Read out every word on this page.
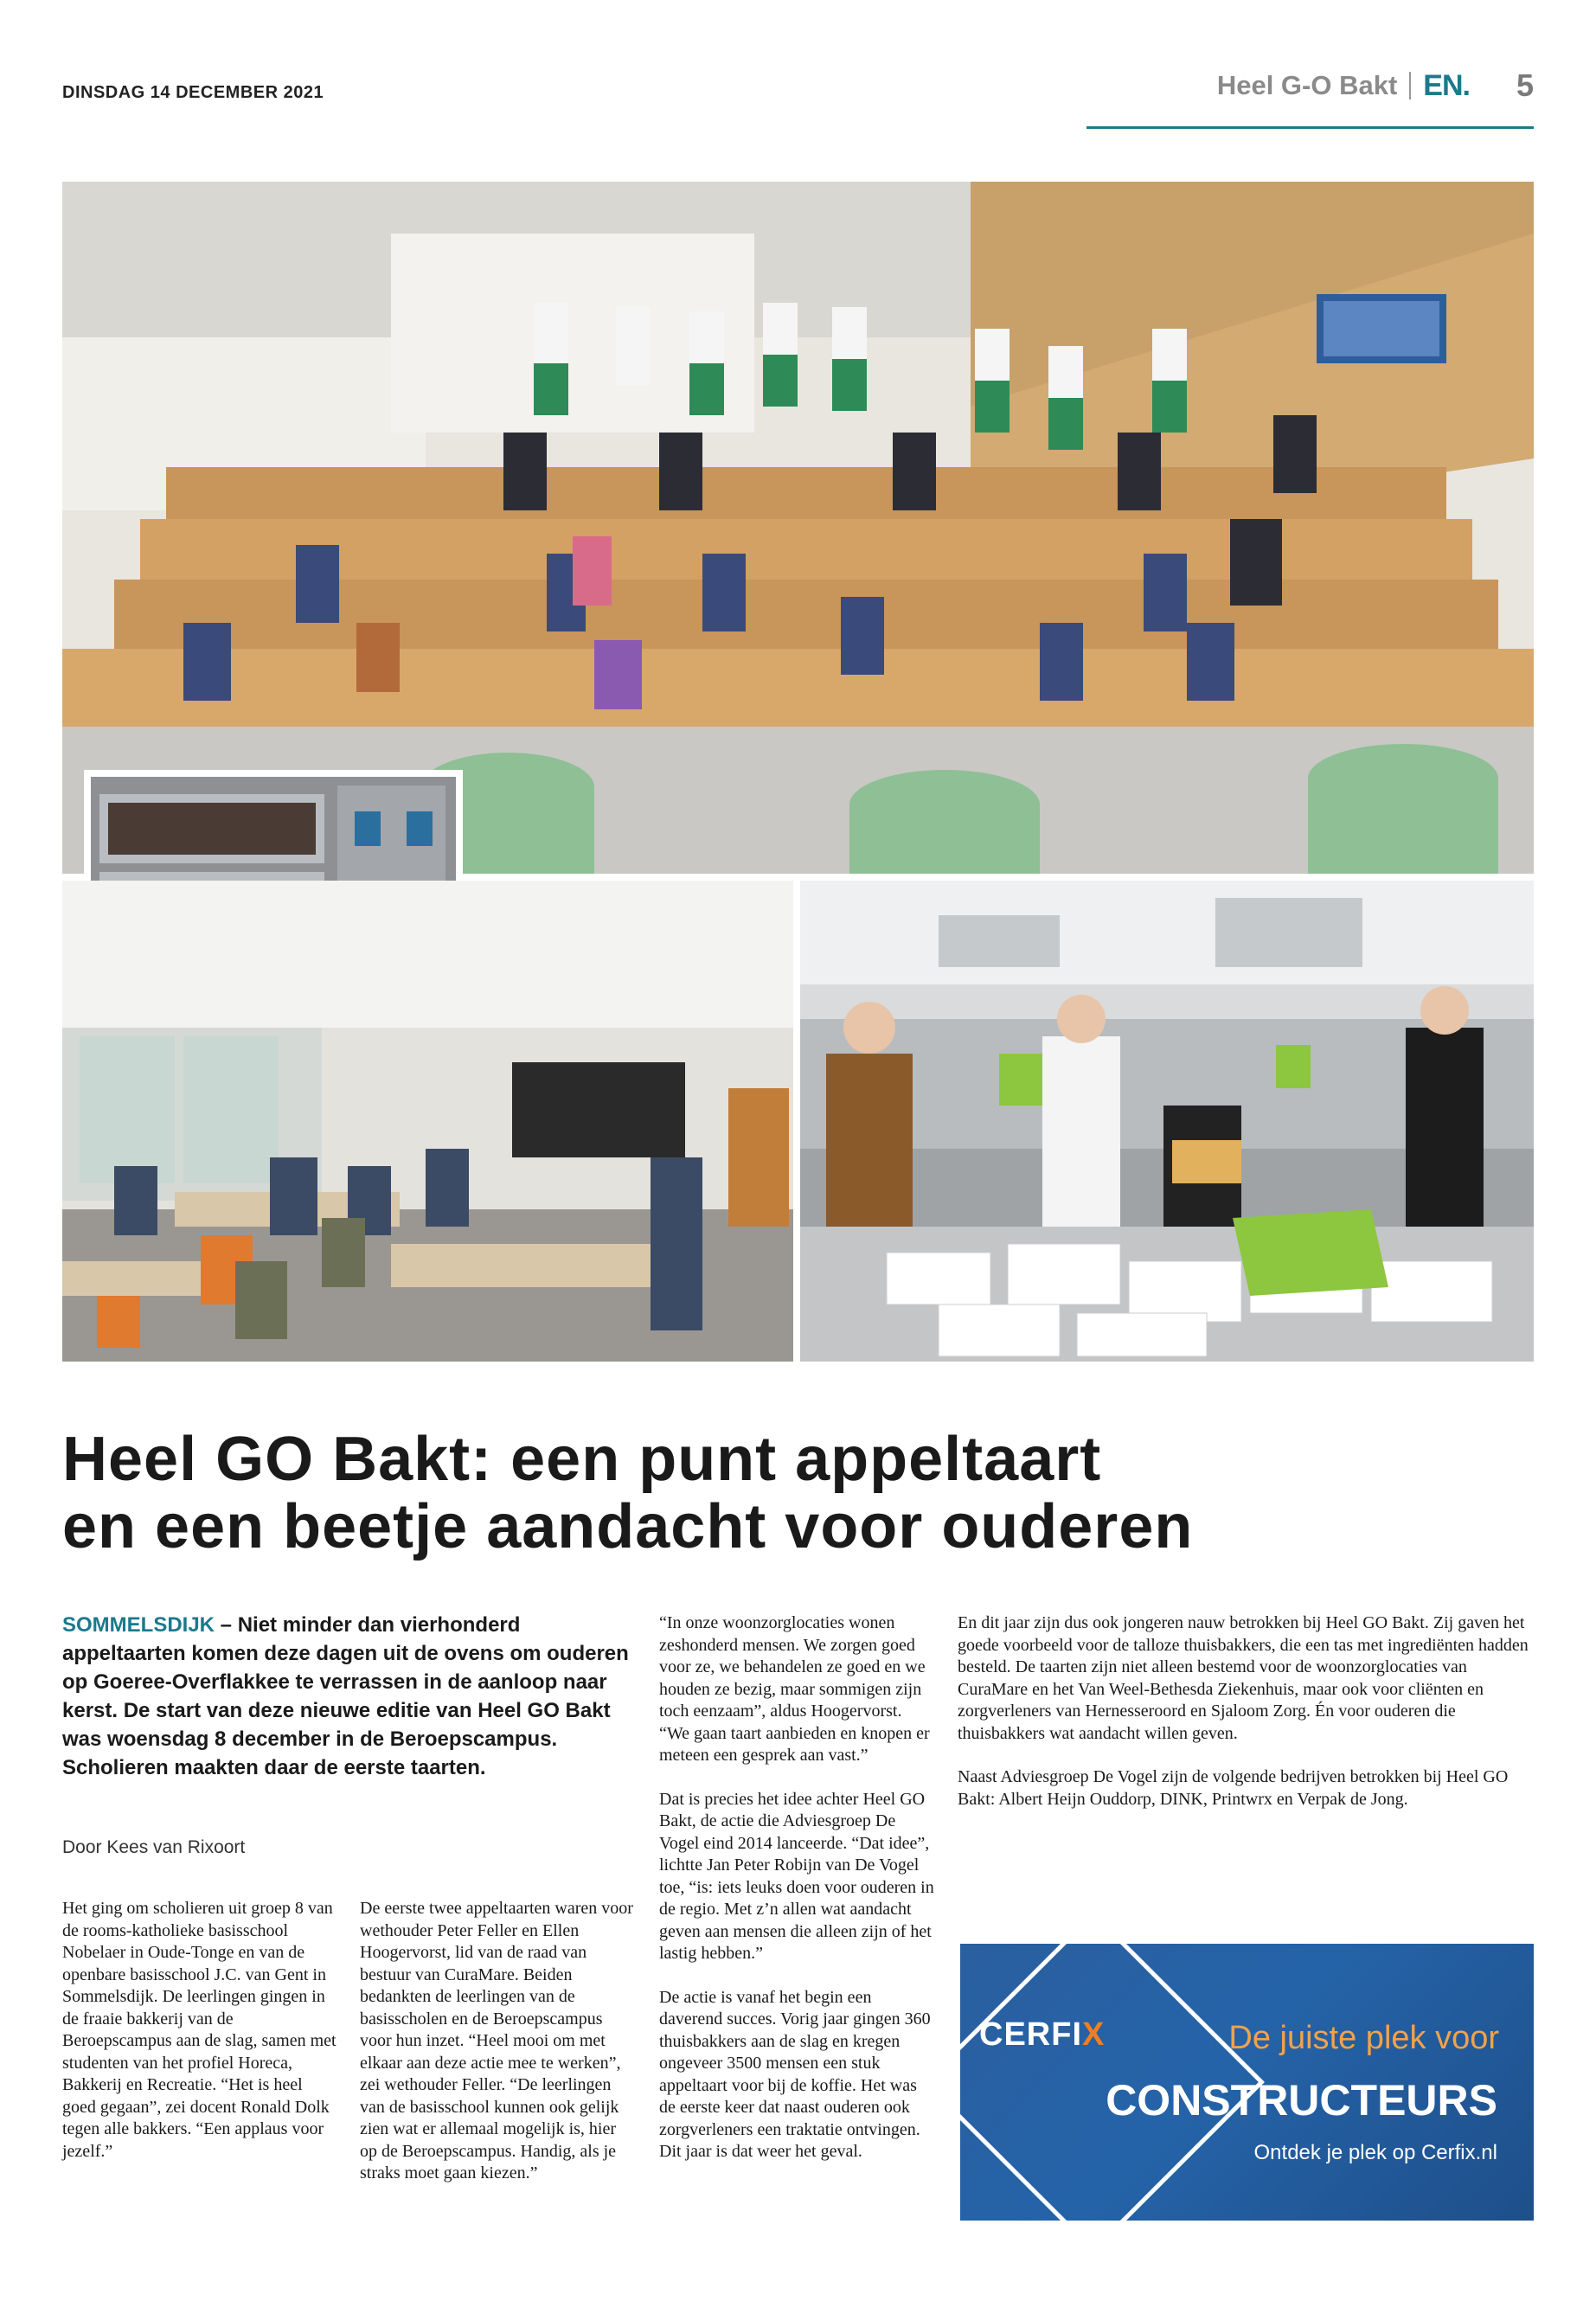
DINSDAG 14 DECEMBER 2021	Heel G-O Bakt EN. 5
Heel GO Bakt: een punt appeltaart
en een beetje aandacht voor ouderen
SOMMELSDIJK – Niet minder dan vierhonderd appeltaarten komen deze dagen uit de ovens om ouderen op Goeree-Overflakkee te verrassen in de aanloop naar kerst. De start van deze nieuwe editie van Heel GO Bakt was woensdag 8 december in de Beroepscampus. Scholieren maakten daar de eerste taarten.
Door Kees van Rixoort

Het ging om scholieren uit groep 8 van de rooms-katholieke basisschool Nobelaer in Oude-Tonge en van de openbare basisschool J.C. van Gent in Sommelsdijk. De leerlingen gingen in de fraaie bakkerij van de Beroepscampus aan de slag, samen met studenten van het profiel Horeca, Bakkerij en Recreatie. “Het is heel goed gegaan”, zei docent Ronald Dolk tegen alle bakkers. “Een applaus voor jezelf.”

De eerste twee appeltaarten waren voor wethouder Peter Feller en Ellen Hoogervorst, lid van de raad van bestuur van CuraMare. Beiden bedankten de leerlingen van de basisscholen en de Beroepscampus voor hun inzet. “Heel mooi om met elkaar aan deze actie mee te werken”, zei wethouder Feller. “De leerlingen van de basisschool kunnen ook gelijk zien wat er allemaal mogelijk is, hier op de Beroepscampus. Handig, als je straks moet gaan kiezen.”

“In onze woonzorglocaties wonen zeshonderd mensen. We zorgen goed voor ze, we behandelen ze goed en we houden ze bezig, maar sommigen zijn toch eenzaam”, aldus Hoogervorst. “We gaan taart aanbieden en knopen er meteen een gesprek aan vast.”

Dat is precies het idee achter Heel GO Bakt, de actie die Adviesgroep De Vogel eind 2014 lanceerde. “Dat idee”, lichtte Jan Peter Robijn van De Vogel toe, “is: iets leuks doen voor ouderen in de regio. Met z’n allen wat aandacht geven aan mensen die alleen zijn of het lastig hebben.”

De actie is vanaf het begin een daverend succes. Vorig jaar gingen 360 thuisbakkers aan de slag en kregen ongeveer 3500 mensen een stuk appeltaart voor bij de koffie. Het was de eerste keer dat naast ouderen ook zorgverleners een traktatie ontvingen. Dit jaar is dat weer het geval.

En dit jaar zijn dus ook jongeren nauw betrokken bij Heel GO Bakt. Zij gaven het goede voorbeeld voor de talloze thuisbakkers, die een tas met ingrediënten hadden besteld. De taarten zijn niet alleen bestemd voor de woonzorglocaties van CuraMare en het Van Weel-Bethesda Ziekenhuis, maar ook voor cliënten en zorgverleners van Hernesseroord en Sjaloom Zorg. Én voor ouderen die thuisbakkers wat aandacht willen geven.

Naast Adviesgroep De Vogel zijn de volgende bedrijven betrokken bij Heel GO Bakt: Albert Heijn Ouddorp, DINK, Printwrx en Verpak de Jong.

CERFIX	De juiste plek voor
CONSTRUCTEURS
Ontdek je plek op Cerfix.nl
